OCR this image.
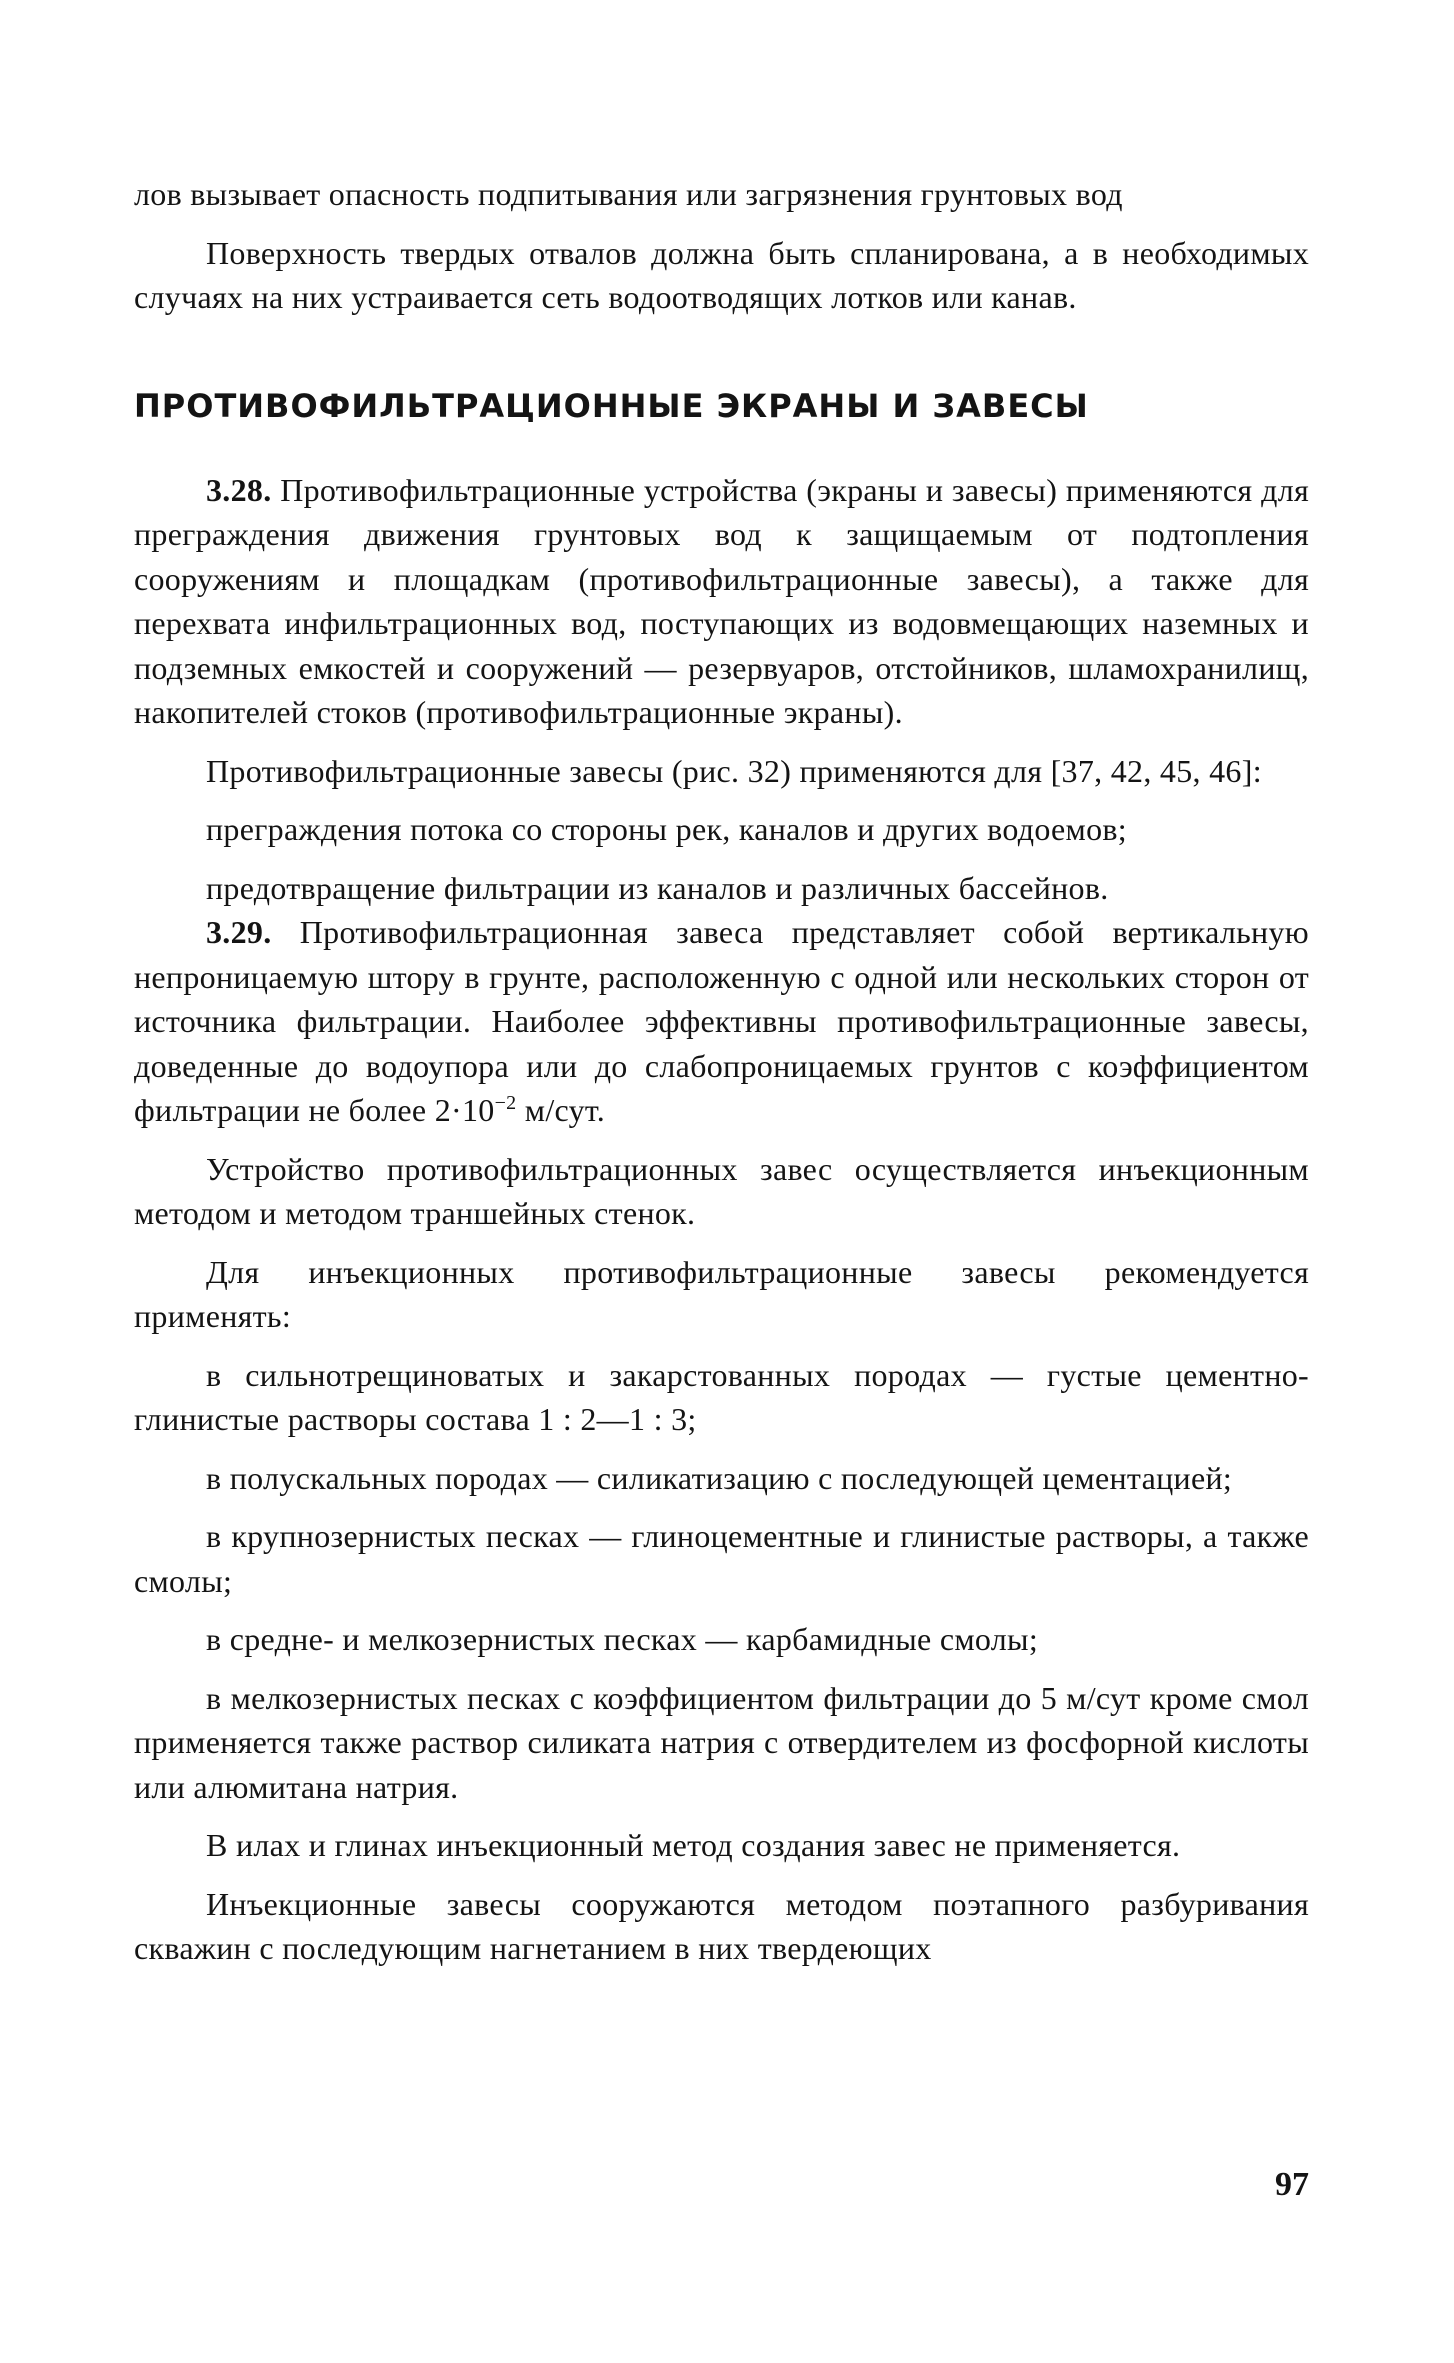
лов вызывает опасность подпитывания или загрязнения грунтовых вод

Поверхность твердых отвалов должна быть спланирована, а в необходимых случаях на них устраивается сеть водоотводящих лотков или канав.

ПРОТИВОФИЛЬТРАЦИОННЫЕ ЭКРАНЫ И ЗАВЕСЫ

3.28. Противофильтрационные устройства (экраны и завесы) применяются для преграждения движения грунтовых вод к защищаемым от подтопления сооружениям и площадкам (противофильтрационные завесы), а также для перехвата инфильтрационных вод, поступающих из водовмещающих наземных и подземных емкостей и сооружений — резервуаров, отстойников, шламохранилищ, накопителей стоков (противофильтрационные экраны).

Противофильтрационные завесы (рис. 32) применяются для [37, 42, 45, 46]:

преграждения потока со стороны рек, каналов и других водоемов;

предотвращение фильтрации из каналов и различных бассейнов.

3.29. Противофильтрационная завеса представляет собой вертикальную непроницаемую штору в грунте, расположенную с одной или нескольких сторон от источника фильтрации. Наиболее эффективны противофильтрационные завесы, доведенные до водоупора или до слабопроницаемых грунтов с коэффициентом фильтрации не более $2\cdot 10^{-2}$ м/сут.

Устройство противофильтрационных завес осуществляется инъекционным методом и методом траншейных стенок.

Для инъекционных противофильтрационные завесы рекомендуется применять:

в сильнотрещиноватых и закарстованных породах — густые цементно-глинистые растворы состава 1 : 2—1 : 3;

в полускальных породах — силикатизацию с последующей цементацией;

в крупнозернистых песках — глиноцементные и глинистые растворы, а также смолы;

в средне- и мелкозернистых песках — карбамидные смолы;

в мелкозернистых песках с коэффициентом фильтрации до 5 м/сут кроме смол применяется также раствор силиката натрия с отвердителем из фосфорной кислоты или алюмитана натрия.

В илах и глинах инъекционный метод создания завес не применяется.

Инъекционные завесы сооружаются методом поэтапного разбуривания скважин с последующим нагнетанием в них твердеющих

97
